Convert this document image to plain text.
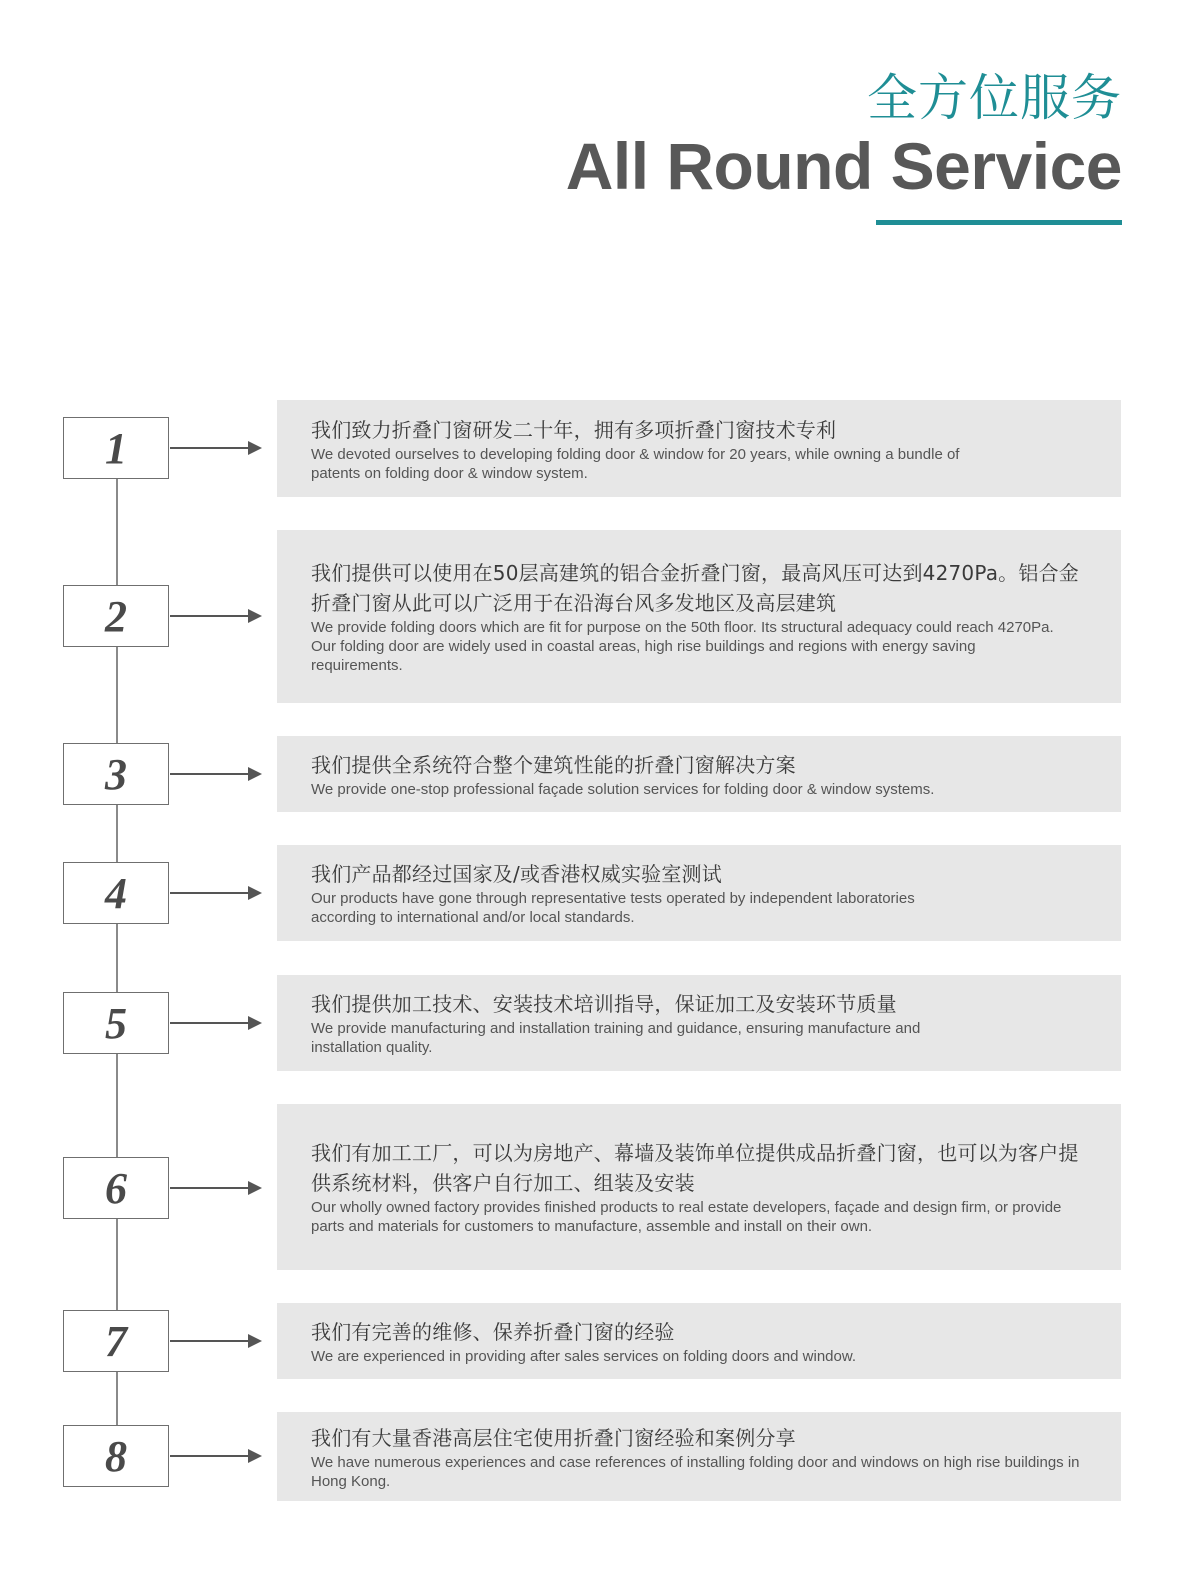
全方位服务
All Round Service
1	我们致力折叠门窗研发二十年，拥有多项折叠门窗技术专利
We devoted ourselves to developing folding door & window for 20 years, while owning a bundle of patents on folding door & window system.
2
我们提供可以使用在50层高建筑的铝合金折叠门窗，最高风压可达到4270Pa。铝合金折叠门窗从此可以广泛用于在沿海台风多发地区及高层建筑
We provide folding doors which are fit for purpose on the 50th floor. Its structural adequacy could reach 4270Pa. Our folding door are widely used in coastal areas, high rise buildings and regions with energy saving requirements.
3	我们提供全系统符合整个建筑性能的折叠门窗解决方案
We provide one-stop professional façade solution services for folding door & window systems.
4	我们产品都经过国家及/或香港权威实验室测试
Our products have gone through representative tests operated by independent laboratories according to international and/or local standards.
5	我们提供加工技术、安装技术培训指导，保证加工及安装环节质量
We provide manufacturing and installation training and guidance, ensuring manufacture and installation quality.
6
我们有加工工厂，可以为房地产、幕墙及装饰单位提供成品折叠门窗，也可以为客户提供系统材料，供客户自行加工、组装及安装
Our wholly owned factory provides finished products to real estate developers, façade and design firm, or provide parts and materials for customers to manufacture, assemble and install on their own.
7	我们有完善的维修、保养折叠门窗的经验
We are experienced in providing after sales services on folding doors and window.
8	我们有大量香港高层住宅使用折叠门窗经验和案例分享
We have numerous experiences and case references of installing folding door and windows on high rise buildings in Hong Kong.
